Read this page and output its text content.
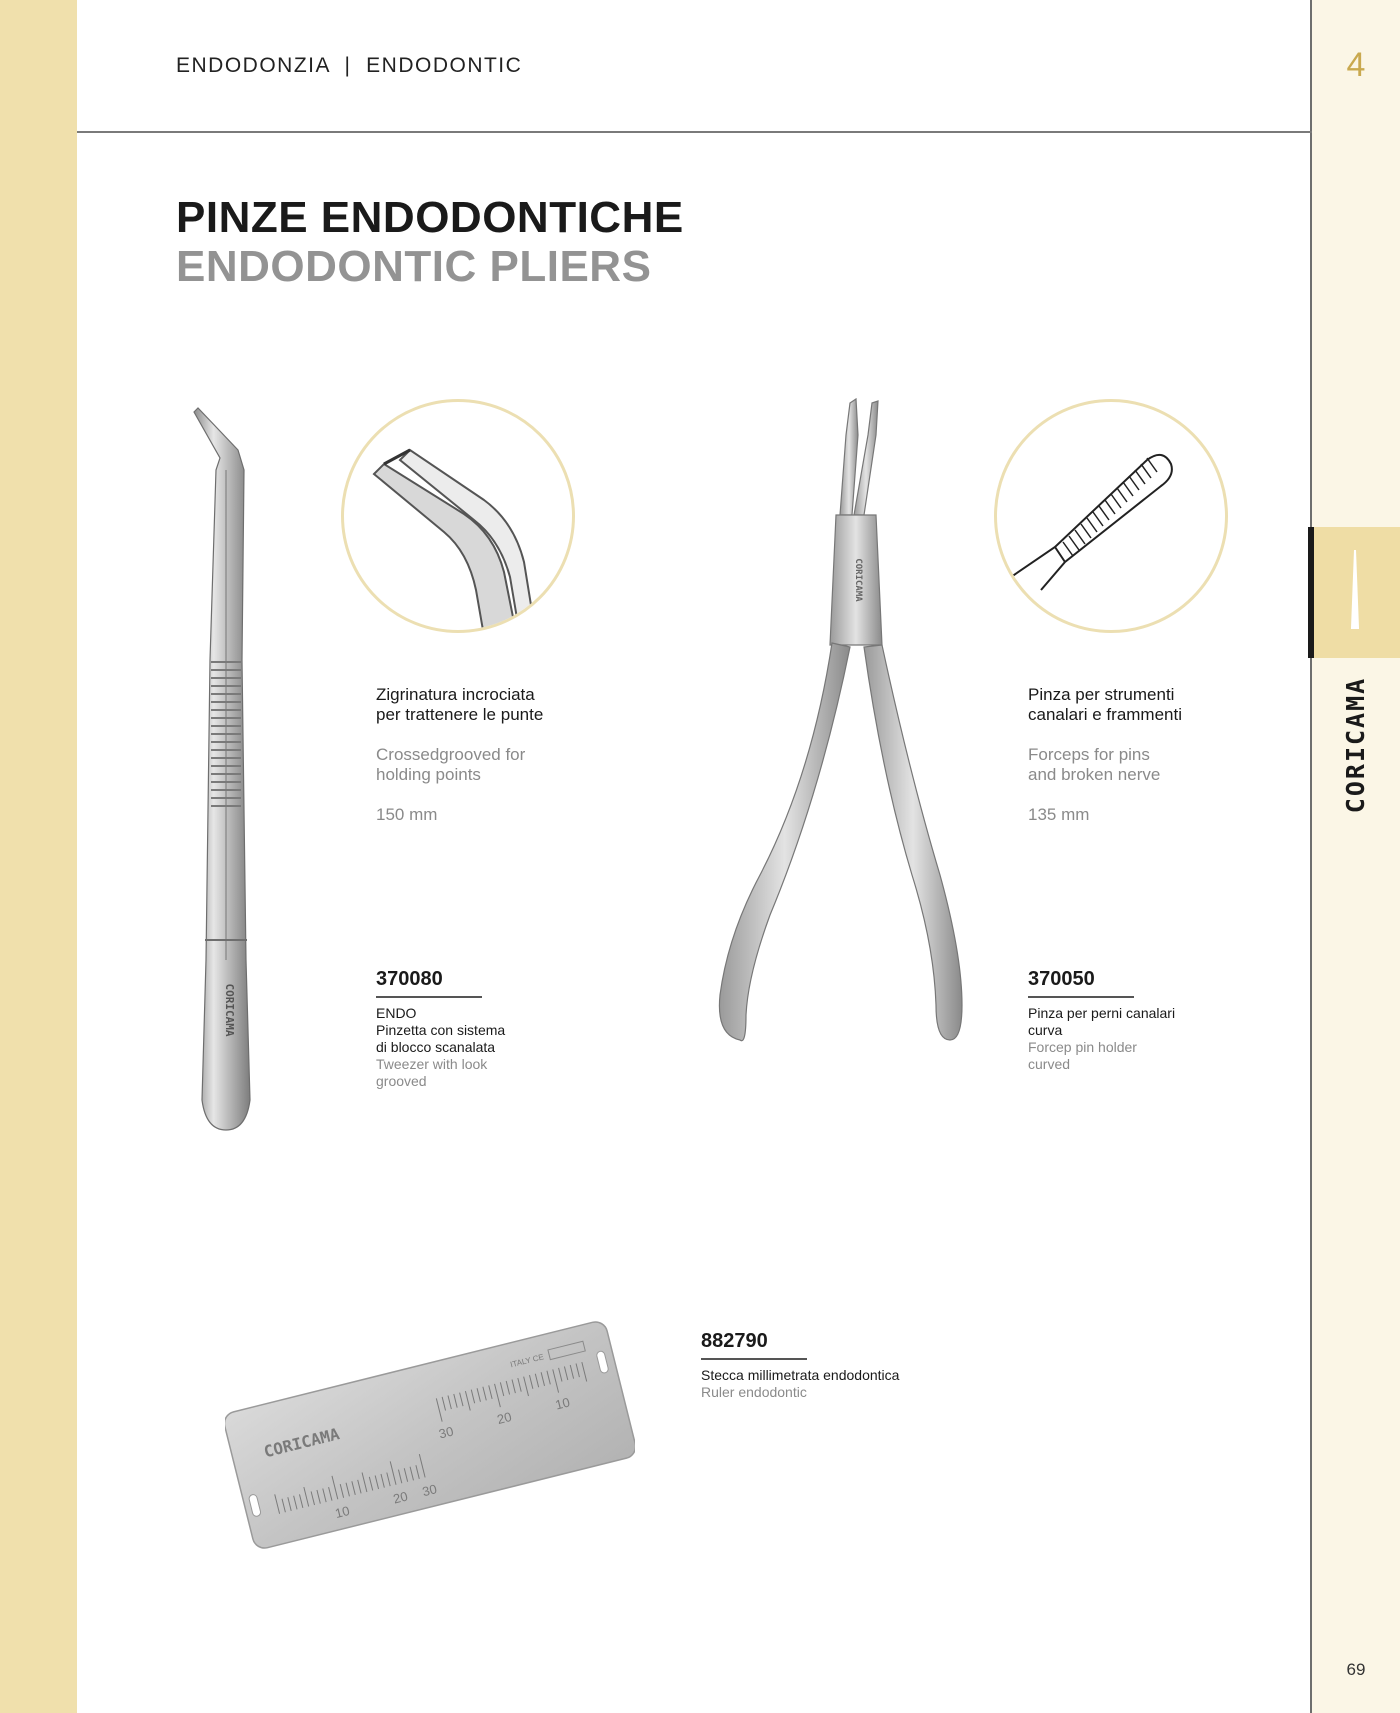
ENDODONZIA  |  ENDODONTIC	4
CORICAMA
PINZE ENDODONTICHE
ENDODONTIC PLIERS
CORICAMA
Zigrinatura incrociata
per trattenere le punte
Crossedgrooved for
holding points
150 mm
370080
ENDO
Pinzetta con sistema
di blocco scanalata
Tweezer with look
grooved
CORICAMA
Pinza per strumenti
canalari e frammenti
Forceps for pins
and broken nerve
135 mm
370050
Pinza per perni canalari
curva
Forcep pin holder
curved
CORICAMA
ITALY CE
10
20 30
30
20
10
882790
Stecca millimetrata endodontica
Ruler endodontic
69
